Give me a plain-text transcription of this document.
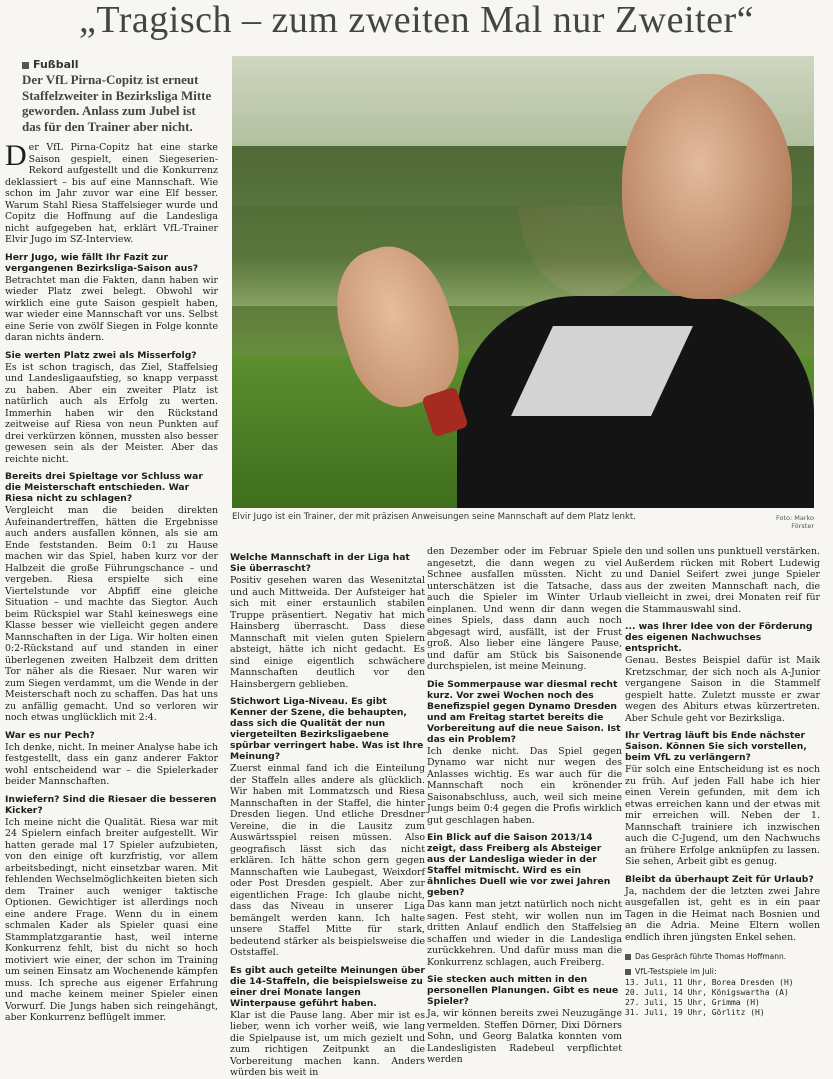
„Tragisch – zum zweiten Mal nur Zweiter“
Fußball
Der VfL Pirna-Copitz ist erneut Staffelzweiter in Bezirksliga Mitte geworden. Anlass zum Jubel ist das für den Trainer aber nicht.
Elvir Jugo ist ein Trainer, der mit präzisen Anweisungen seine Mannschaft auf dem Platz lenkt.	Foto: Marko Förster

Der VfL Pirna-Copitz hat eine starke Saison gespielt, einen Siegeserien-Rekord aufgestellt und die Konkurrenz deklassiert – bis auf eine Mannschaft. Wie schon im Jahr zuvor war eine Elf besser. Warum Stahl Riesa Staffelsieger wurde und Copitz die Hoffnung auf die Landesliga nicht aufgegeben hat, erklärt VfL-Trainer Elvir Jugo im SZ-Interview.

Herr Jugo, wie fällt Ihr Fazit zur vergangenen Bezirksliga-Saison aus?

Betrachtet man die Fakten, dann haben wir wieder Platz zwei belegt. Obwohl wir wirklich eine gute Saison gespielt haben, war wieder eine Mannschaft vor uns. Selbst eine Serie von zwölf Siegen in Folge konnte daran nichts ändern.

Sie werten Platz zwei als Misserfolg?

Es ist schon tragisch, das Ziel, Staffelsieg und Landesligaaufstieg, so knapp verpasst zu haben. Aber ein zweiter Platz ist natürlich auch als Erfolg zu werten. Immerhin haben wir den Rückstand zeitweise auf Riesa von neun Punkten auf drei verkürzen können, mussten also besser gewesen sein als der Meister. Aber das reichte nicht.

Bereits drei Spieltage vor Schluss war die Meisterschaft entschieden. War Riesa nicht zu schlagen?

Vergleicht man die beiden direkten Aufeinandertreffen, hätten die Ergebnisse auch anders ausfallen können, als sie am Ende feststanden. Beim 0:1 zu Hause machen wir das Spiel, haben kurz vor der Halbzeit die große Führungschance – und vergeben. Riesa erspielte sich eine Viertelstunde vor Abpfiff eine gleiche Situation – und machte das Siegtor. Auch beim Rückspiel war Stahl keineswegs eine Klasse besser wie vielleicht gegen andere Mannschaften in der Liga. Wir holten einen 0:2-Rückstand auf und standen in einer überlegenen zweiten Halbzeit dem dritten Tor näher als die Riesaer. Nur waren wir zum Siegen verdammt, um die Wende in der Meisterschaft noch zu schaffen. Das hat uns zu anfällig gemacht. Und so verloren wir noch etwas unglücklich mit 2:4.

War es nur Pech?

Ich denke, nicht. In meiner Analyse habe ich festgestellt, dass ein ganz anderer Faktor wohl entscheidend war – die Spielerkader beider Mannschaften.

Inwiefern? Sind die Riesaer die besseren Kicker?

Ich meine nicht die Qualität. Riesa war mit 24 Spielern einfach breiter aufgestellt. Wir hatten gerade mal 17 Spieler aufzubieten, von den einige oft kurzfristig, vor allem arbeitsbedingt, nicht einsetzbar waren. Mit fehlenden Wechselmöglichkeiten bieten sich dem Trainer auch weniger taktische Optionen. Gewichtiger ist allerdings noch eine andere Frage. Wenn du in einem schmalen Kader als Spieler quasi eine Stammplatzgarantie hast, weil interne Konkurrenz fehlt, bist du nicht so hoch motiviert wie einer, der schon im Training um seinen Einsatz am Wochenende kämpfen muss. Ich spreche aus eigener Erfahrung und mache keinem meiner Spieler einen Vorwurf. Die Jungs haben sich reingehängt, aber Konkurrenz beflügelt immer.

Welche Mannschaft in der Liga hat Sie überrascht?

Positiv gesehen waren das Wesenitztal und auch Mittweida. Der Aufsteiger hat sich mit einer erstaunlich stabilen Truppe präsentiert. Negativ hat mich Hainsberg überrascht. Dass diese Mannschaft mit vielen guten Spielern absteigt, hätte ich nicht gedacht. Es sind einige eigentlich schwächere Mannschaften deutlich vor den Hainsbergern geblieben.

Stichwort Liga-Niveau. Es gibt Kenner der Szene, die behaupten, dass sich die Qualität der nun viergeteilten Bezirksligaebene spürbar verringert habe. Was ist Ihre Meinung?

Zuerst einmal fand ich die Einteilung der Staffeln alles andere als glücklich. Wir haben mit Lommatzsch und Riesa Mannschaften in der Staffel, die hinter Dresden liegen. Und etliche Dresdner Vereine, die in die Lausitz zum Auswärtsspiel reisen müssen. Also geografisch lässt sich das nicht erklären. Ich hätte schon gern gegen Mannschaften wie Laubegast, Weixdorf oder Post Dresden gespielt. Aber zur eigentlichen Frage: Ich glaube nicht, dass das Niveau in unserer Liga bemängelt werden kann. Ich halte unsere Staffel Mitte für stark, bedeutend stärker als beispielsweise die Oststaffel.

Es gibt auch geteilte Meinungen über die 14-Staffeln, die beispielsweise zu einer drei Monate langen Winterpause geführt haben.

Klar ist die Pause lang. Aber mir ist es lieber, wenn ich vorher weiß, wie lang die Spielpause ist, um mich gezielt und zum richtigen Zeitpunkt an die Vorbereitung machen kann. Anders würden bis weit in

den Dezember oder im Februar Spiele angesetzt, die dann wegen zu viel Schnee ausfallen müssten. Nicht zu unterschätzen ist die Tatsache, dass auch die Spieler im Winter Urlaub einplanen. Und wenn dir dann wegen eines Spiels, dass dann auch noch abgesagt wird, ausfällt, ist der Frust groß. Also lieber eine längere Pause, und dafür am Stück bis Saisonende durchspielen, ist meine Meinung.

Die Sommerpause war diesmal recht kurz. Vor zwei Wochen noch des Benefizspiel gegen Dynamo Dresden und am Freitag startet bereits die Vorbereitung auf die neue Saison. Ist das ein Problem?

Ich denke nicht. Das Spiel gegen Dynamo war nicht nur wegen des Anlasses wichtig. Es war auch für die Mannschaft noch ein krönender Saisonabschluss, auch, weil sich meine Jungs beim 0:4 gegen die Profis wirklich gut geschlagen haben.

Ein Blick auf die Saison 2013/14 zeigt, dass Freiberg als Absteiger aus der Landesliga wieder in der Staffel mitmischt. Wird es ein ähnliches Duell wie vor zwei Jahren geben?

Das kann man jetzt natürlich noch nicht sagen. Fest steht, wir wollen nun im dritten Anlauf endlich den Staffelsieg schaffen und wieder in die Landesliga zurückkehren. Und dafür muss man die Konkurrenz schlagen, auch Freiberg.

Sie stecken auch mitten in den personellen Planungen. Gibt es neue Spieler?

Ja, wir können bereits zwei Neuzugänge vermelden. Steffen Dörner, Dixi Dörners Sohn, und Georg Balatka konnten vom Landesligisten Radebeul verpflichtet werden

den und sollen uns punktuell verstärken. Außerdem rücken mit Robert Ludewig und Daniel Seifert zwei junge Spieler aus der zweiten Mannschaft nach, die vielleicht in zwei, drei Monaten reif für die Stammauswahl sind.

... was Ihrer Idee von der Förderung des eigenen Nachwuchses entspricht.

Genau. Bestes Beispiel dafür ist Maik Kretzschmar, der sich noch als A-Junior vergangene Saison in die Stammelf gespielt hatte. Zuletzt musste er zwar wegen des Abiturs etwas kürzertreten. Aber Schule geht vor Bezirksliga.

Ihr Vertrag läuft bis Ende nächster Saison. Können Sie sich vorstellen, beim VfL zu verlängern?

Für solch eine Entscheidung ist es noch zu früh. Auf jeden Fall habe ich hier einen Verein gefunden, mit dem ich etwas erreichen kann und der etwas mit mir erreichen will. Neben der 1. Mannschaft trainiere ich inzwischen auch die C-Jugend, um den Nachwuchs an frühere Erfolge anknüpfen zu lassen. Sie sehen, Arbeit gibt es genug.

Bleibt da überhaupt Zeit für Urlaub?

Ja, nachdem der die letzten zwei Jahre ausgefallen ist, geht es in ein paar Tagen in die Heimat nach Bosnien und an die Adria. Meine Eltern wollen endlich ihren jüngsten Enkel sehen.

Das Gespräch führte Thomas Hoffmann.

VfL-Testspiele im Juli:
13. Juli, 11 Uhr, Borea Dresden (H)
20. Juli, 14 Uhr, Königswartha (A)
27. Juli, 15 Uhr, Grimma (H)
31. Juli, 19 Uhr, Görlitz (H)
